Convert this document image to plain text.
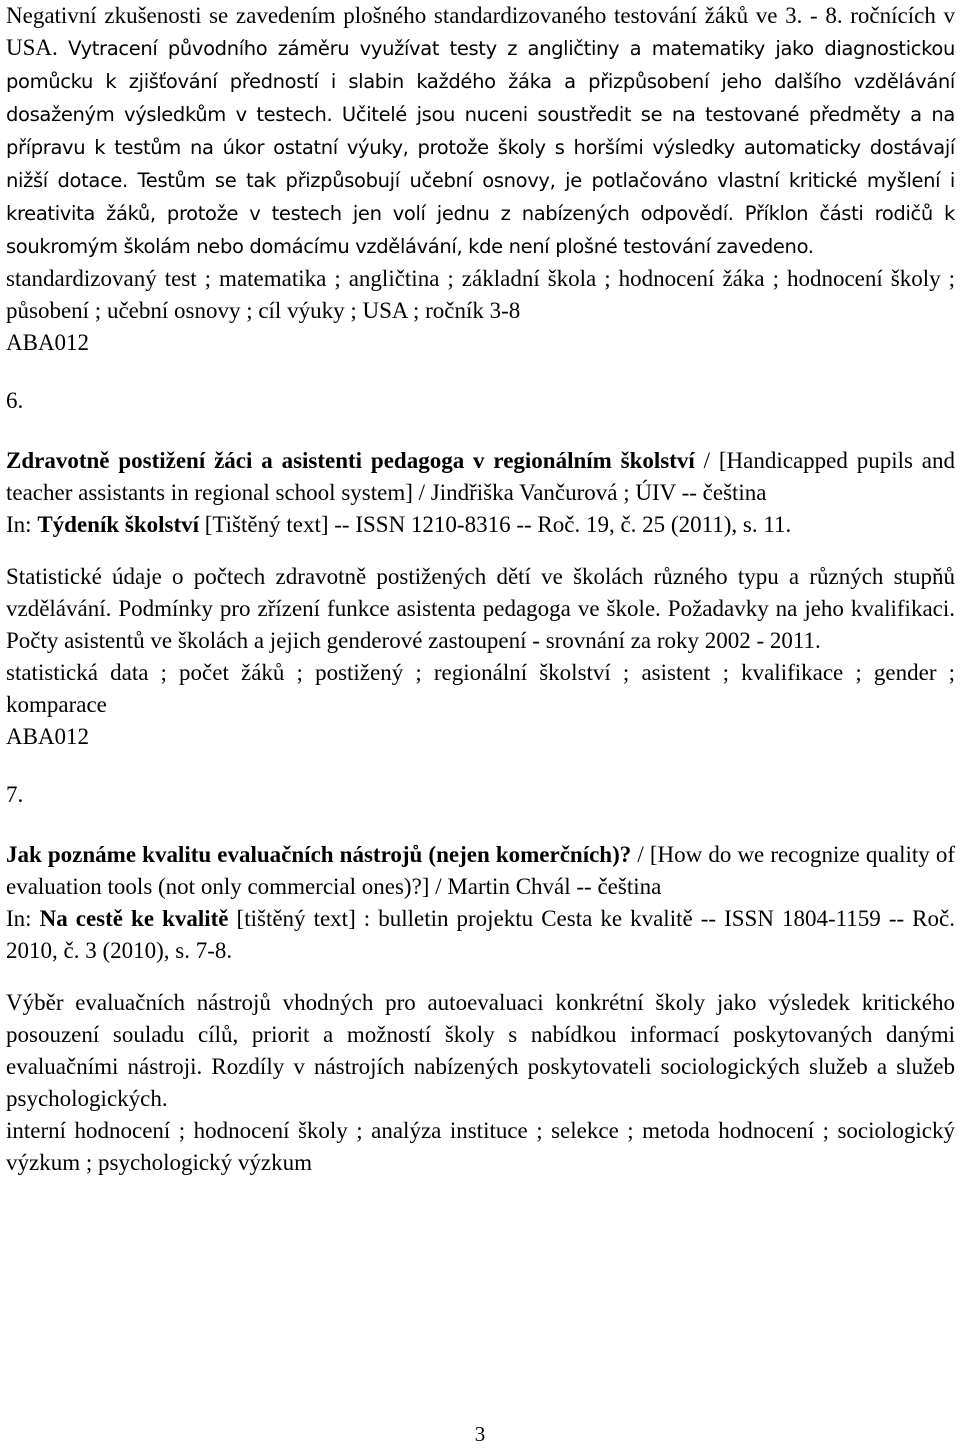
Negativní zkušenosti se zavedením plošného standardizovaného testování žáků ve 3. - 8. ročnících v USA. Vytracení původního záměru využívat testy z angličtiny a matematiky jako diagnostickou pomůcku k zjišťování předností i slabin každého žáka a přizpůsobení jeho dalšího vzdělávání dosaženým výsledkům v testech. Učitelé jsou nuceni soustředit se na testované předměty a na přípravu k testům na úkor ostatní výuky, protože školy s horšími výsledky automaticky dostávají nižší dotace. Testům se tak přizpůsobují učební osnovy, je potlačováno vlastní kritické myšlení i kreativita žáků, protože v testech jen volí jednu z nabízených odpovědí. Příklon části rodičů k soukromým školám nebo domácímu vzdělávání, kde není plošné testování zavedeno.

standardizovaný test ; matematika ; angličtina ; základní škola ; hodnocení žáka ; hodnocení školy ; působení ; učební osnovy ; cíl výuky ; USA ; ročník 3-8

ABA012

6.

Zdravotně postižení žáci a asistenti pedagoga v regionálním školství / [Handicapped pupils and teacher assistants in regional school system] / Jindřiška Vančurová ; ÚIV -- čeština

In: Týdeník školství [Tištěný text] -- ISSN 1210-8316 -- Roč. 19, č. 25 (2011), s. 11.

Statistické údaje o počtech zdravotně postižených dětí ve školách různého typu a různých stupňů vzdělávání. Podmínky pro zřízení funkce asistenta pedagoga ve škole. Požadavky na jeho kvalifikaci. Počty asistentů ve školách a jejich genderové zastoupení - srovnání za roky 2002 - 2011.

statistická data ; počet žáků ; postižený ; regionální školství ; asistent ; kvalifikace ; gender ; komparace

ABA012

7.

Jak poznáme kvalitu evaluačních nástrojů (nejen komerčních)? / [How do we recognize quality of evaluation tools (not only commercial ones)?] / Martin Chvál -- čeština

In: Na cestě ke kvalitě [tištěný text] : bulletin projektu Cesta ke kvalitě -- ISSN 1804-1159 -- Roč. 2010, č. 3 (2010), s. 7-8.

Výběr evaluačních nástrojů vhodných pro autoevaluaci konkrétní školy jako výsledek kritického posouzení souladu cílů, priorit a možností školy s nabídkou informací poskytovaných danými evaluačními nástroji. Rozdíly v nástrojích nabízených poskytovateli sociologických služeb a služeb psychologických.

interní hodnocení ; hodnocení školy ; analýza instituce ; selekce ; metoda hodnocení ; sociologický výzkum ; psychologický výzkum

3
